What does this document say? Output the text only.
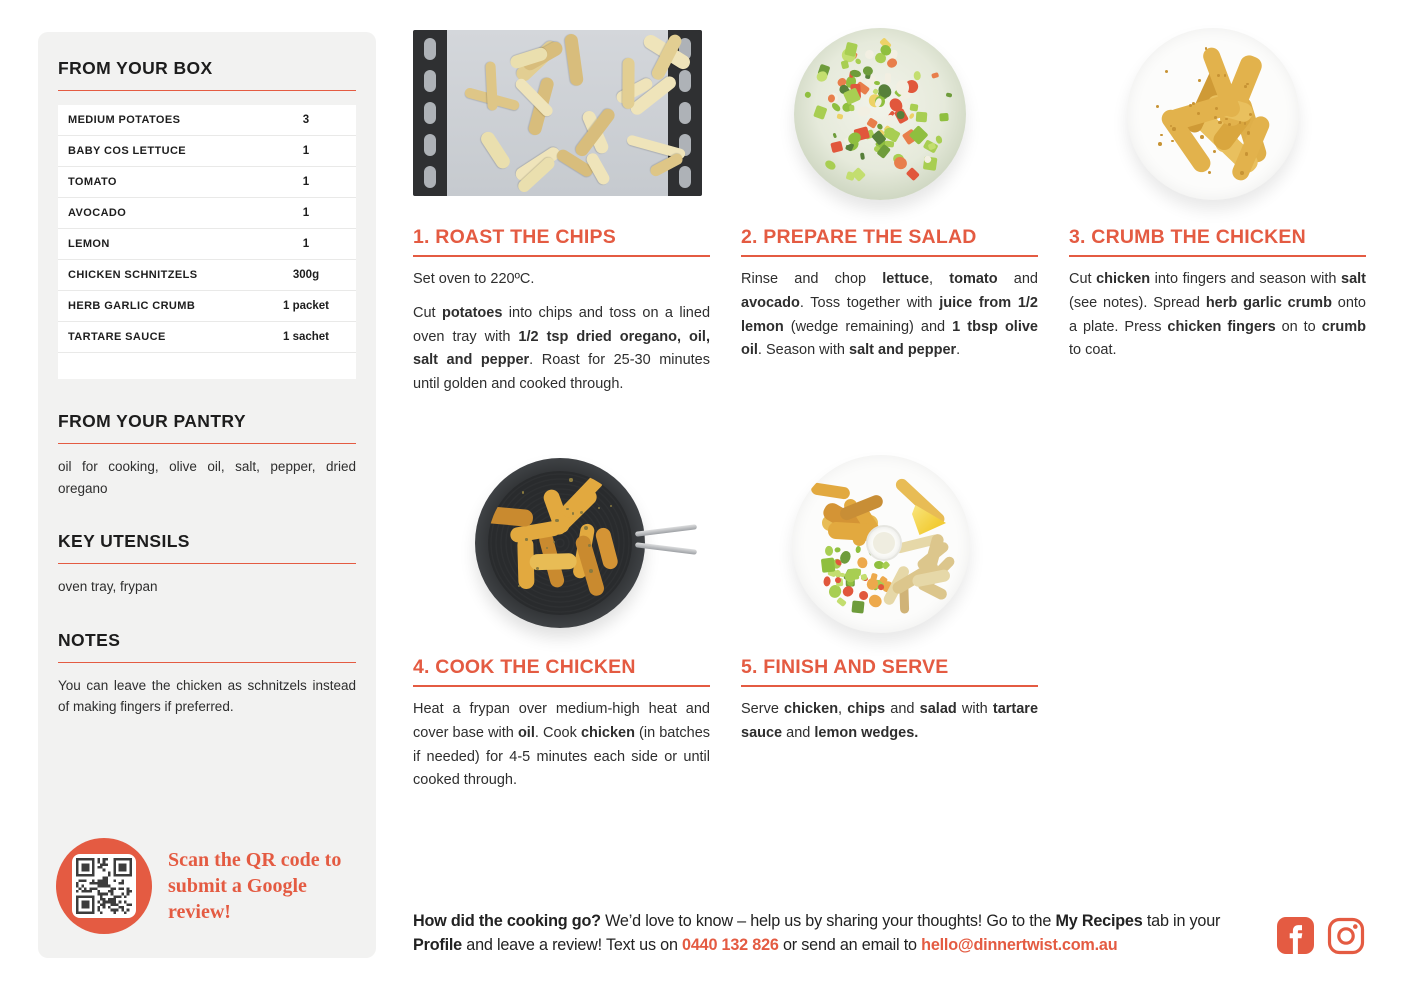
FROM YOUR BOX
MEDIUM POTATOES	3
BABY COS LETTUCE	1
TOMATO	1
AVOCADO	1
LEMON	1
CHICKEN SCHNITZELS	300g
HERB GARLIC CRUMB	1 packet
TARTARE SAUCE	1 sachet
FROM YOUR PANTRY

oil for cooking, olive oil, salt, pepper, dried oregano

KEY UTENSILS

oven tray, frypan

NOTES

You can leave the chicken as schnitzels instead of making fingers if preferred.

Scan the QR code to submit a Google review!

1. ROAST THE CHIPS

Set oven to 220ºC.

Cut potatoes into chips and toss on a lined oven tray with 1/2 tsp dried oregano, oil, salt and pepper. Roast for 25-30 minutes until golden and cooked through.

2. PREPARE THE SALAD

Rinse and chop lettuce, tomato and avocado. Toss together with juice from 1/2 lemon (wedge remaining) and 1 tbsp olive oil. Season with salt and pepper.

3. CRUMB THE CHICKEN

Cut chicken into fingers and season with salt (see notes). Spread herb garlic crumb onto a plate. Press chicken fingers on to crumb to coat.

4. COOK THE CHICKEN

Heat a frypan over medium-high heat and cover base with oil. Cook chicken (in batches if needed) for 4-5 minutes each side or until cooked through.

5. FINISH AND SERVE

Serve chicken, chips and salad with tartare sauce and lemon wedges.

How did the cooking go? We’d love to know – help us by sharing your thoughts! Go to the My Recipes tab in your Profile and leave a review! Text us on 0440 132 826 or send an email to hello@dinnertwist.com.au
